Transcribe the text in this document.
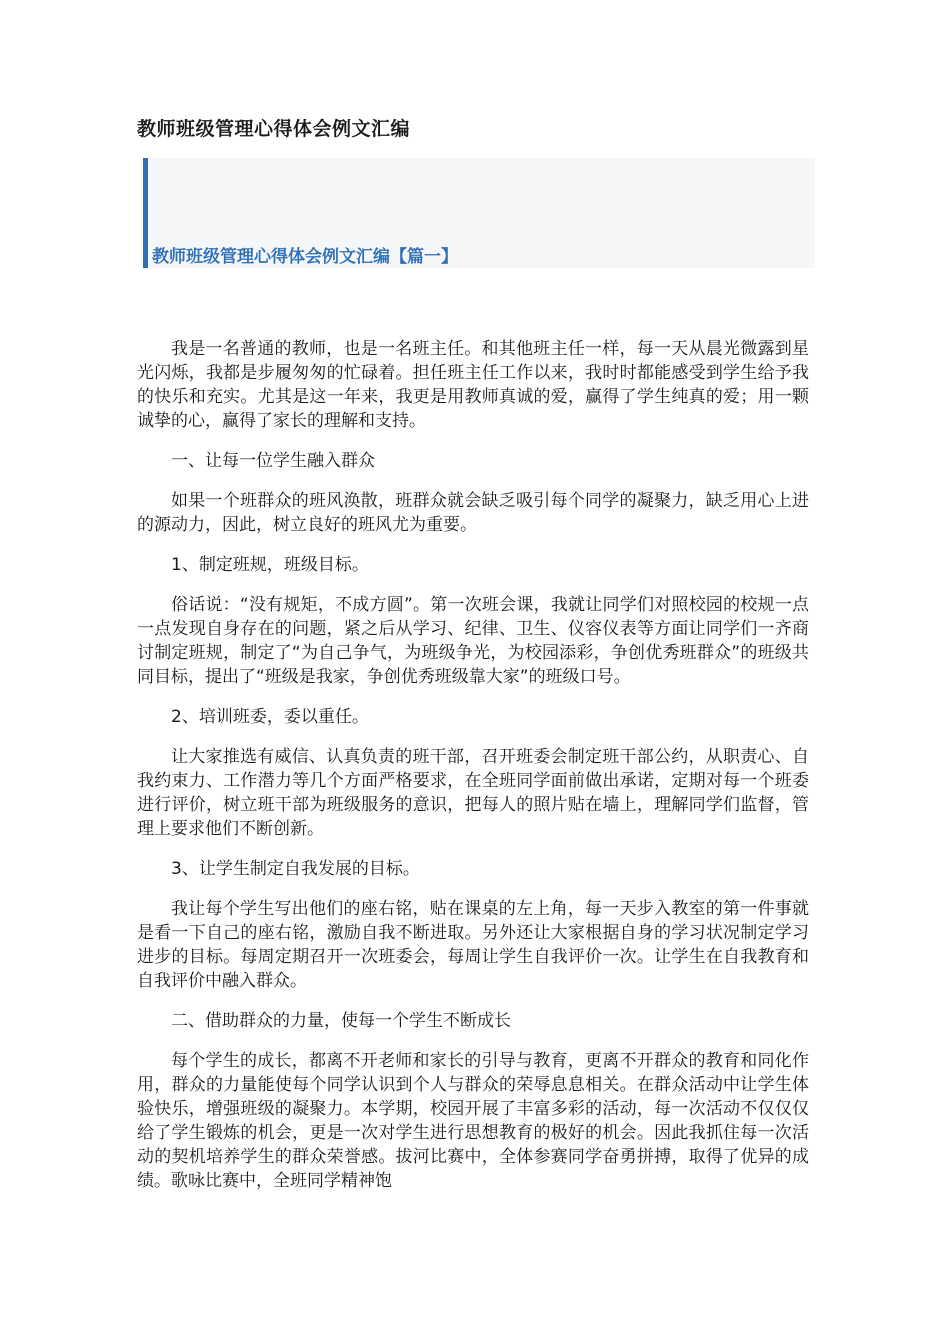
教师班级管理心得体会例文汇编
教师班级管理心得体会例文汇编【篇一】

我是一名普通的教师，也是一名班主任。和其他班主任一样，每一天从晨光微露到星光闪烁，我都是步履匆匆的忙碌着。担任班主任工作以来，我时时都能感受到学生给予我的快乐和充实。尤其是这一年来，我更是用教师真诚的爱，赢得了学生纯真的爱；用一颗诚挚的心，赢得了家长的理解和支持。

一、让每一位学生融入群众

如果一个班群众的班风涣散，班群众就会缺乏吸引每个同学的凝聚力，缺乏用心上进的源动力，因此，树立良好的班风尤为重要。

1、制定班规，班级目标。

俗话说：“没有规矩，不成方圆”。第一次班会课，我就让同学们对照校园的校规一点一点发现自身存在的问题，紧之后从学习、纪律、卫生、仪容仪表等方面让同学们一齐商讨制定班规，制定了“为自己争气，为班级争光，为校园添彩，争创优秀班群众”的班级共同目标，提出了“班级是我家，争创优秀班级靠大家”的班级口号。

2、培训班委，委以重任。

让大家推选有威信、认真负责的班干部，召开班委会制定班干部公约，从职责心、自我约束力、工作潜力等几个方面严格要求，在全班同学面前做出承诺，定期对每一个班委进行评价，树立班干部为班级服务的意识，把每人的照片贴在墙上，理解同学们监督，管理上要求他们不断创新。

3、让学生制定自我发展的目标。

我让每个学生写出他们的座右铭，贴在课桌的左上角，每一天步入教室的第一件事就是看一下自己的座右铭，激励自我不断进取。另外还让大家根据自身的学习状况制定学习进步的目标。每周定期召开一次班委会，每周让学生自我评价一次。让学生在自我教育和自我评价中融入群众。

二、借助群众的力量，使每一个学生不断成长

每个学生的成长，都离不开老师和家长的引导与教育，更离不开群众的教育和同化作用，群众的力量能使每个同学认识到个人与群众的荣辱息息相关。在群众活动中让学生体验快乐，增强班级的凝聚力。本学期，校园开展了丰富多彩的活动，每一次活动不仅仅仅给了学生锻炼的机会，更是一次对学生进行思想教育的极好的机会。因此我抓住每一次活动的契机培养学生的群众荣誉感。拔河比赛中，全体参赛同学奋勇拼搏，取得了优异的成绩。歌咏比赛中，全班同学精神饱
